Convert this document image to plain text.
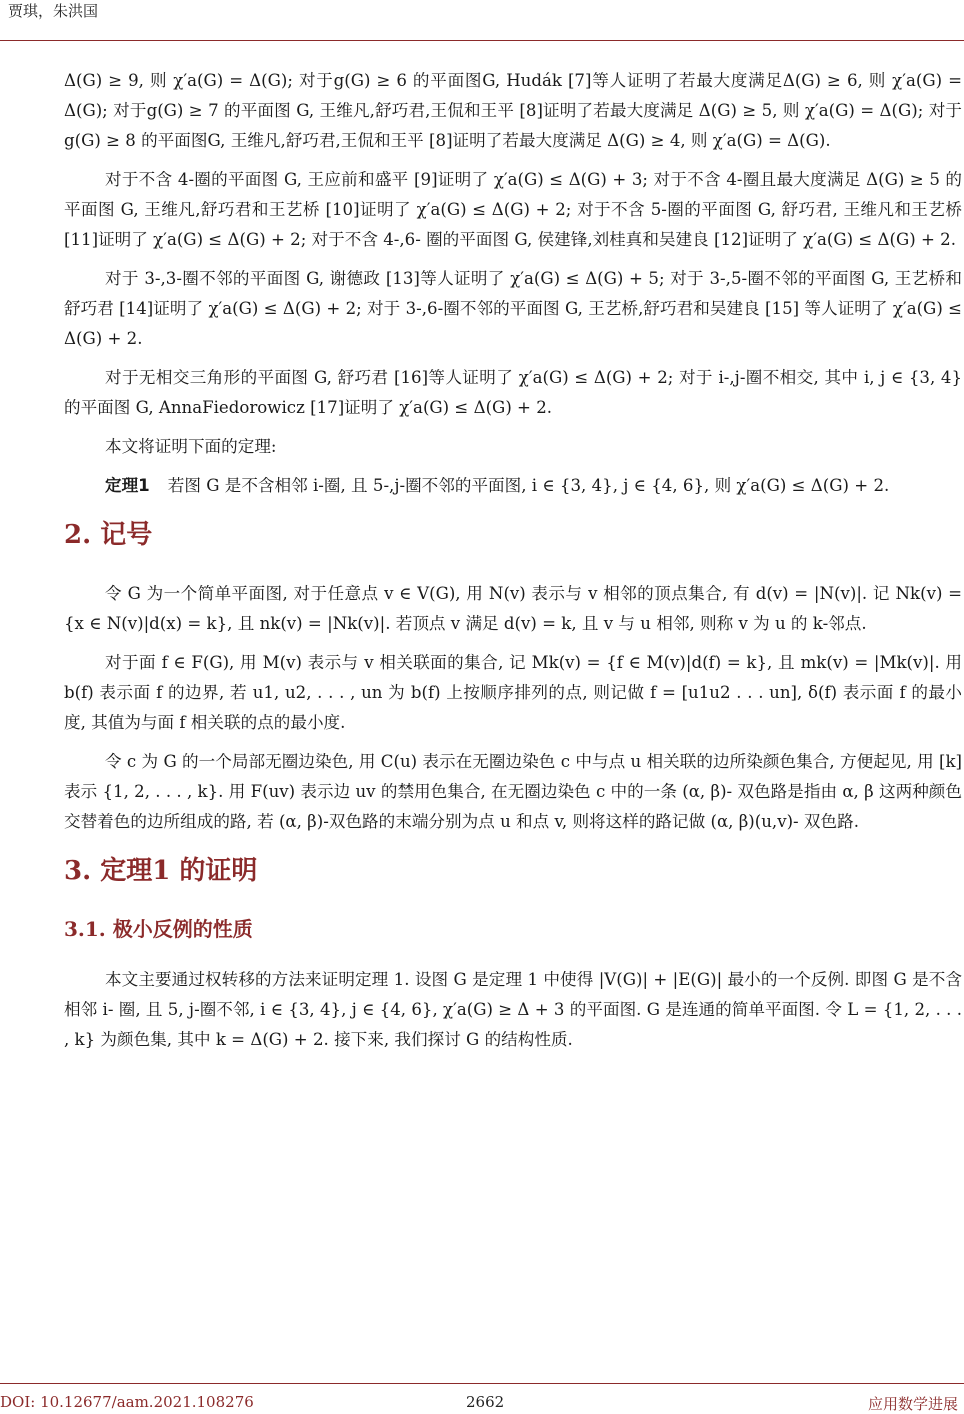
贾琪，朱洪国

Δ(G) ≥ 9, 则 χ′a(G) = Δ(G); 对于g(G) ≥ 6 的平面图G, Hudák [7]等人证明了若最大度满足Δ(G) ≥ 6, 则 χ′a(G) = Δ(G); 对于g(G) ≥ 7 的平面图 G, 王维凡,舒巧君,王侃和王平 [8]证明了若最大度满足 Δ(G) ≥ 5, 则 χ′a(G) = Δ(G); 对于g(G) ≥ 8 的平面图G, 王维凡,舒巧君,王侃和王平 [8]证明了若最大度满足 Δ(G) ≥ 4, 则 χ′a(G) = Δ(G).

对于不含 4-圈的平面图 G, 王应前和盛平 [9]证明了 χ′a(G) ≤ Δ(G) + 3; 对于不含 4-圈且最大度满足 Δ(G) ≥ 5 的平面图 G, 王维凡,舒巧君和王艺桥 [10]证明了 χ′a(G) ≤ Δ(G) + 2; 对于不含 5-圈的平面图 G, 舒巧君, 王维凡和王艺桥 [11]证明了 χ′a(G) ≤ Δ(G) + 2; 对于不含 4-,6- 圈的平面图 G, 侯建锋,刘桂真和吴建良 [12]证明了 χ′a(G) ≤ Δ(G) + 2.

对于 3-,3-圈不邻的平面图 G, 谢德政 [13]等人证明了 χ′a(G) ≤ Δ(G) + 5; 对于 3-,5-圈不邻的平面图 G, 王艺桥和舒巧君 [14]证明了 χ′a(G) ≤ Δ(G) + 2; 对于 3-,6-圈不邻的平面图 G, 王艺桥,舒巧君和吴建良 [15] 等人证明了 χ′a(G) ≤ Δ(G) + 2.

对于无相交三角形的平面图 G, 舒巧君 [16]等人证明了 χ′a(G) ≤ Δ(G) + 2; 对于 i-,j-圈不相交, 其中 i, j ∈ {3, 4} 的平面图 G, AnnaFiedorowicz [17]证明了 χ′a(G) ≤ Δ(G) + 2.

本文将证明下面的定理:

定理1 若图 G 是不含相邻 i-圈, 且 5-,j-圈不邻的平面图, i ∈ {3, 4}, j ∈ {4, 6}, 则 χ′a(G) ≤ Δ(G) + 2.

2. 记号

令 G 为一个简单平面图, 对于任意点 v ∈ V(G), 用 N(v) 表示与 v 相邻的顶点集合, 有 d(v) = |N(v)|. 记 Nk(v) = {x ∈ N(v)|d(x) = k}, 且 nk(v) = |Nk(v)|. 若顶点 v 满足 d(v) = k, 且 v 与 u 相邻, 则称 v 为 u 的 k-邻点.

对于面 f ∈ F(G), 用 M(v) 表示与 v 相关联面的集合, 记 Mk(v) = {f ∈ M(v)|d(f) = k}, 且 mk(v) = |Mk(v)|. 用 b(f) 表示面 f 的边界, 若 u1, u2, . . . , un 为 b(f) 上按顺序排列的点, 则记做 f = [u1u2 . . . un], δ(f) 表示面 f 的最小度, 其值为与面 f 相关联的点的最小度.

令 c 为 G 的一个局部无圈边染色, 用 C(u) 表示在无圈边染色 c 中与点 u 相关联的边所染颜色集合, 方便起见, 用 [k] 表示 {1, 2, . . . , k}. 用 F(uv) 表示边 uv 的禁用色集合, 在无圈边染色 c 中的一条 (α, β)- 双色路是指由 α, β 这两种颜色交替着色的边所组成的路, 若 (α, β)-双色路的末端分别为点 u 和点 v, 则将这样的路记做 (α, β)(u,v)- 双色路.

3. 定理1 的证明
3.1. 极小反例的性质

本文主要通过权转移的方法来证明定理 1. 设图 G 是定理 1 中使得 |V(G)| + |E(G)| 最小的一个反例. 即图 G 是不含相邻 i- 圈, 且 5, j-圈不邻, i ∈ {3, 4}, j ∈ {4, 6}, χ′a(G) ≥ Δ + 3 的平面图. G 是连通的简单平面图. 令 L = {1, 2, . . . , k} 为颜色集, 其中 k = Δ(G) + 2. 接下来, 我们探讨 G 的结构性质.

DOI: 10.12677/aam.2021.108276	2662	应用数学进展
